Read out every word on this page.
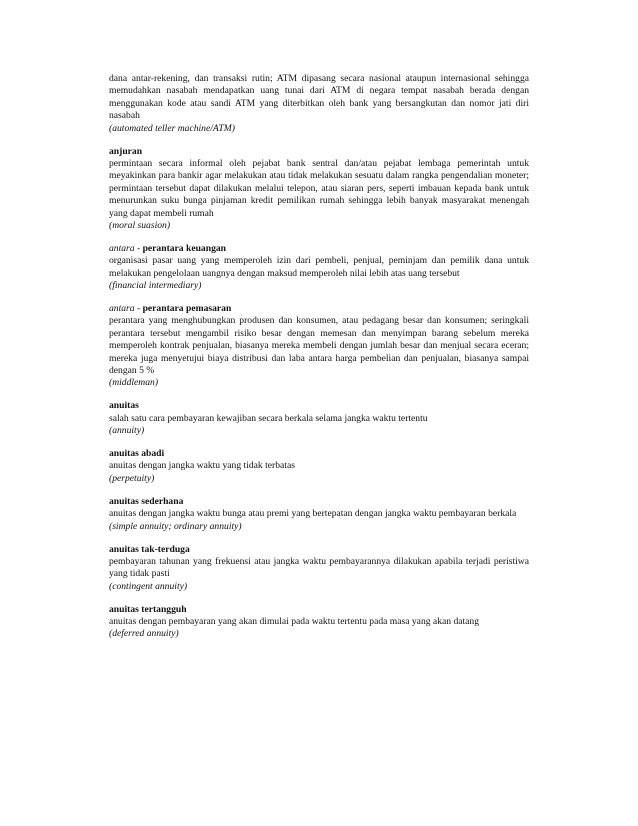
dana antar-rekening, dan transaksi rutin; ATM dipasang secara nasional ataupun internasional sehingga memudahkan nasabah mendapatkan uang tunai dari ATM di negara tempat nasabah berada dengan menggunakan kode atau sandi ATM yang diterbitkan oleh bank yang bersangkutan dan nomor jati diri nasabah
(automated teller machine/ATM)
anjuran
permintaan secara informal oleh pejabat bank sentral dan/atau pejabat lembaga pemerintah untuk meyakinkan para bankir agar melakukan atau tidak melakukan sesuatu dalam rangka pengendalian moneter; permintaan tersebut dapat dilakukan melalui telepon, atau siaran pers, seperti imbauan kepada bank untuk menurunkan suku bunga pinjaman kredit pemilikan rumah sehingga lebih banyak masyarakat menengah yang dapat membeli rumah
(moral suasion)
antara - perantara keuangan
organisasi pasar uang yang memperoleh izin dari pembeli, penjual, peminjam dan pemilik dana untuk melakukan pengelolaan uangnya dengan maksud memperoleh nilai lebih atas uang tersebut
(financial intermediary)
antara - perantara pemasaran
perantara yang menghubungkan produsen dan konsumen, atau pedagang besar dan konsumen; seringkali perantara tersebut mengambil risiko besar dengan memesan dan menyimpan barang sebelum mereka memperoleh kontrak penjualan, biasanya mereka membeli dengan jumlah besar dan menjual secara eceran; mereka juga menyetujui biaya distribusi dan laba antara harga pembelian dan penjualan, biasanya sampai dengan 5 %
(middleman)
anuitas
salah satu cara pembayaran kewajiban secara berkala selama jangka waktu tertentu
(annuity)
anuitas abadi
anuitas dengan jangka waktu yang tidak terbatas
(perpetuity)
anuitas sederhana
anuitas dengan jangka waktu bunga atau premi yang bertepatan dengan jangka waktu pembayaran berkala
(simple annuity; ordinary annuity)
anuitas tak-terduga
pembayaran tahunan yang frekuensi atau jangka waktu pembayarannya dilakukan apabila terjadi peristiwa yang tidak pasti
(contingent annuity)
anuitas tertangguh
anuitas dengan pembayaran yang akan dimulai pada waktu tertentu pada masa yang akan datang
(deferred annuity)
